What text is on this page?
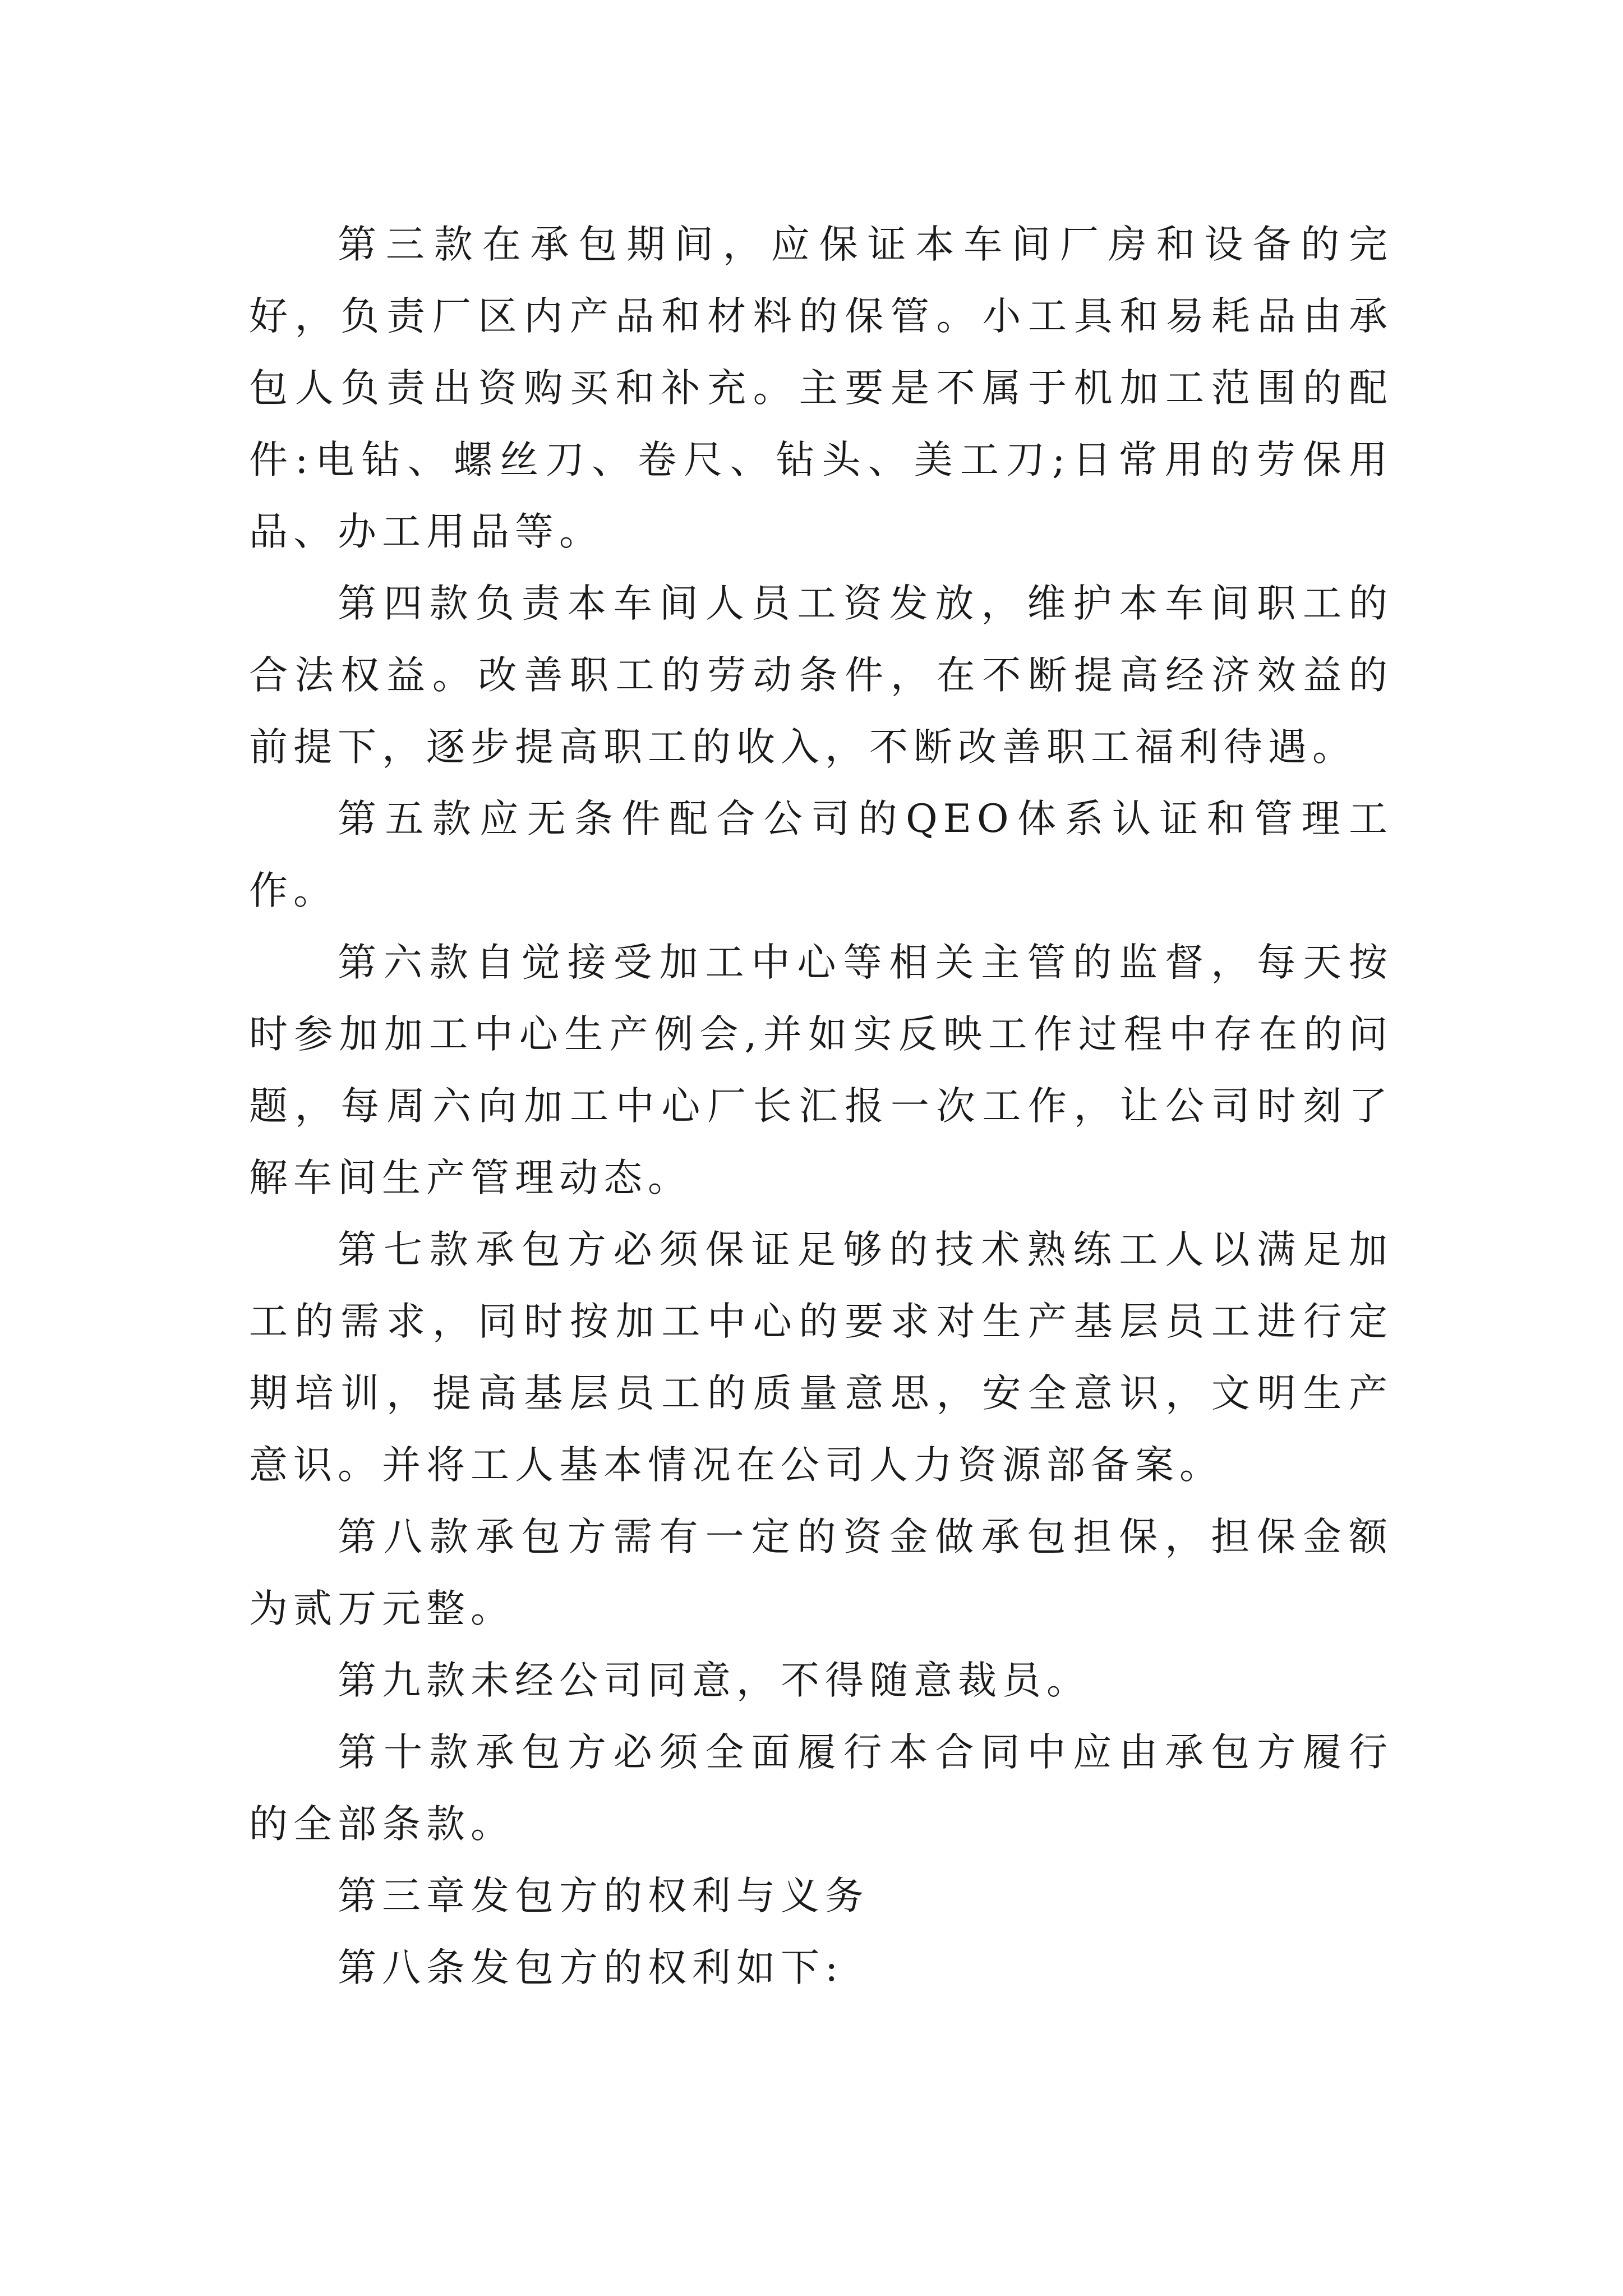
第三款在承包期间，应保证本车间厂房和设备的完好，负责厂区内产品和材料的保管。小工具和易耗品由承包人负责出资购买和补充。主要是不属于机加工范围的配件:电钻、螺丝刀、卷尺、钻头、美工刀;日常用的劳保用品、办工用品等。

第四款负责本车间人员工资发放，维护本车间职工的合法权益。改善职工的劳动条件，在不断提高经济效益的前提下，逐步提高职工的收入，不断改善职工福利待遇。

第五款应无条件配合公司的QEO体系认证和管理工作。

第六款自觉接受加工中心等相关主管的监督，每天按时参加加工中心生产例会,并如实反映工作过程中存在的问题，每周六向加工中心厂长汇报一次工作，让公司时刻了解车间生产管理动态。

第七款承包方必须保证足够的技术熟练工人以满足加工的需求，同时按加工中心的要求对生产基层员工进行定期培训，提高基层员工的质量意思，安全意识，文明生产意识。并将工人基本情况在公司人力资源部备案。

第八款承包方需有一定的资金做承包担保，担保金额为贰万元整。

第九款未经公司同意，不得随意裁员。

第十款承包方必须全面履行本合同中应由承包方履行的全部条款。

第三章发包方的权利与义务

第八条发包方的权利如下:
